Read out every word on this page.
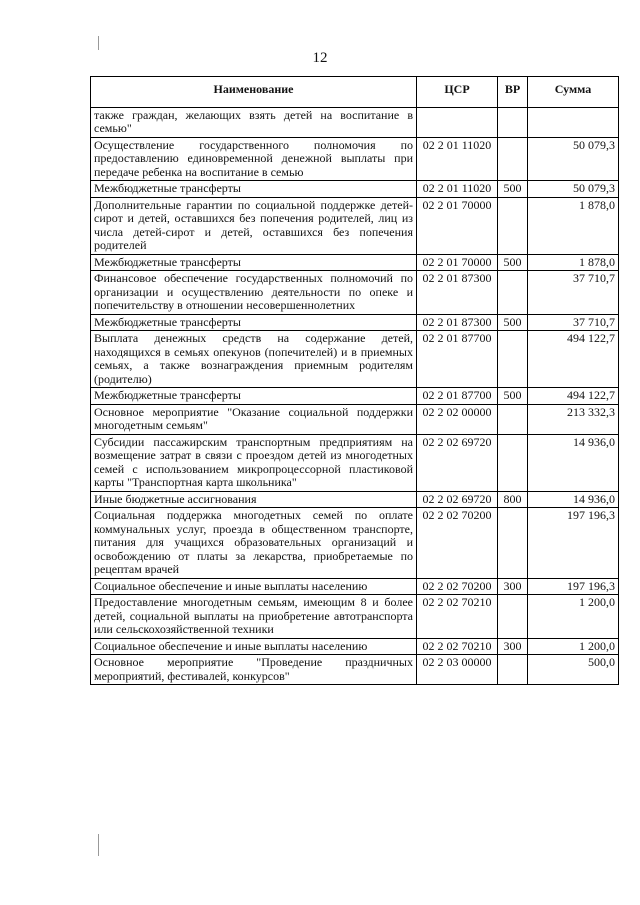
12
Наименование	ЦСР	ВР	Сумма
также граждан, желающих взять детей на воспитание в семью"			
Осуществление государственного полномочия по предоставлению единовременной денежной выплаты при передаче ребенка на воспитание в семью	02 2 01 11020		50 079,3
Межбюджетные трансферты	02 2 01 11020	500	50 079,3
Дополнительные гарантии по социальной поддержке детей-сирот и детей, оставшихся без попечения родителей, лиц из числа детей-сирот и детей, оставшихся без попечения родителей	02 2 01 70000		1 878,0
Межбюджетные трансферты	02 2 01 70000	500	1 878,0
Финансовое обеспечение государственных полномочий по организации и осуществлению деятельности по опеке и попечительству в отношении несовершеннолетних	02 2 01 87300		37 710,7
Межбюджетные трансферты	02 2 01 87300	500	37 710,7
Выплата денежных средств на содержание детей, находящихся в семьях опекунов (попечителей) и в приемных семьях, а также вознаграждения приемным родителям (родителю)	02 2 01 87700		494 122,7
Межбюджетные трансферты	02 2 01 87700	500	494 122,7
Основное мероприятие "Оказание социальной поддержки многодетным семьям"	02 2 02 00000		213 332,3
Субсидии пассажирским транспортным предприятиям на возмещение затрат в связи с проездом детей из многодетных семей с использованием микропроцессорной пластиковой карты "Транспортная карта школьника"	02 2 02 69720		14 936,0
Иные бюджетные ассигнования	02 2 02 69720	800	14 936,0
Социальная поддержка многодетных семей по оплате коммунальных услуг, проезда в общественном транспорте, питания для учащихся образовательных организаций и освобождению от платы за лекарства, приобретаемые по рецептам врачей	02 2 02 70200		197 196,3
Социальное обеспечение и иные выплаты населению	02 2 02 70200	300	197 196,3
Предоставление многодетным семьям, имеющим 8 и более детей, социальной выплаты на приобретение автотранспорта или сельскохозяйственной техники	02 2 02 70210		1 200,0
Социальное обеспечение и иные выплаты населению	02 2 02 70210	300	1 200,0
Основное мероприятие "Проведение праздничных мероприятий, фестивалей, конкурсов"	02 2 03 00000		500,0
